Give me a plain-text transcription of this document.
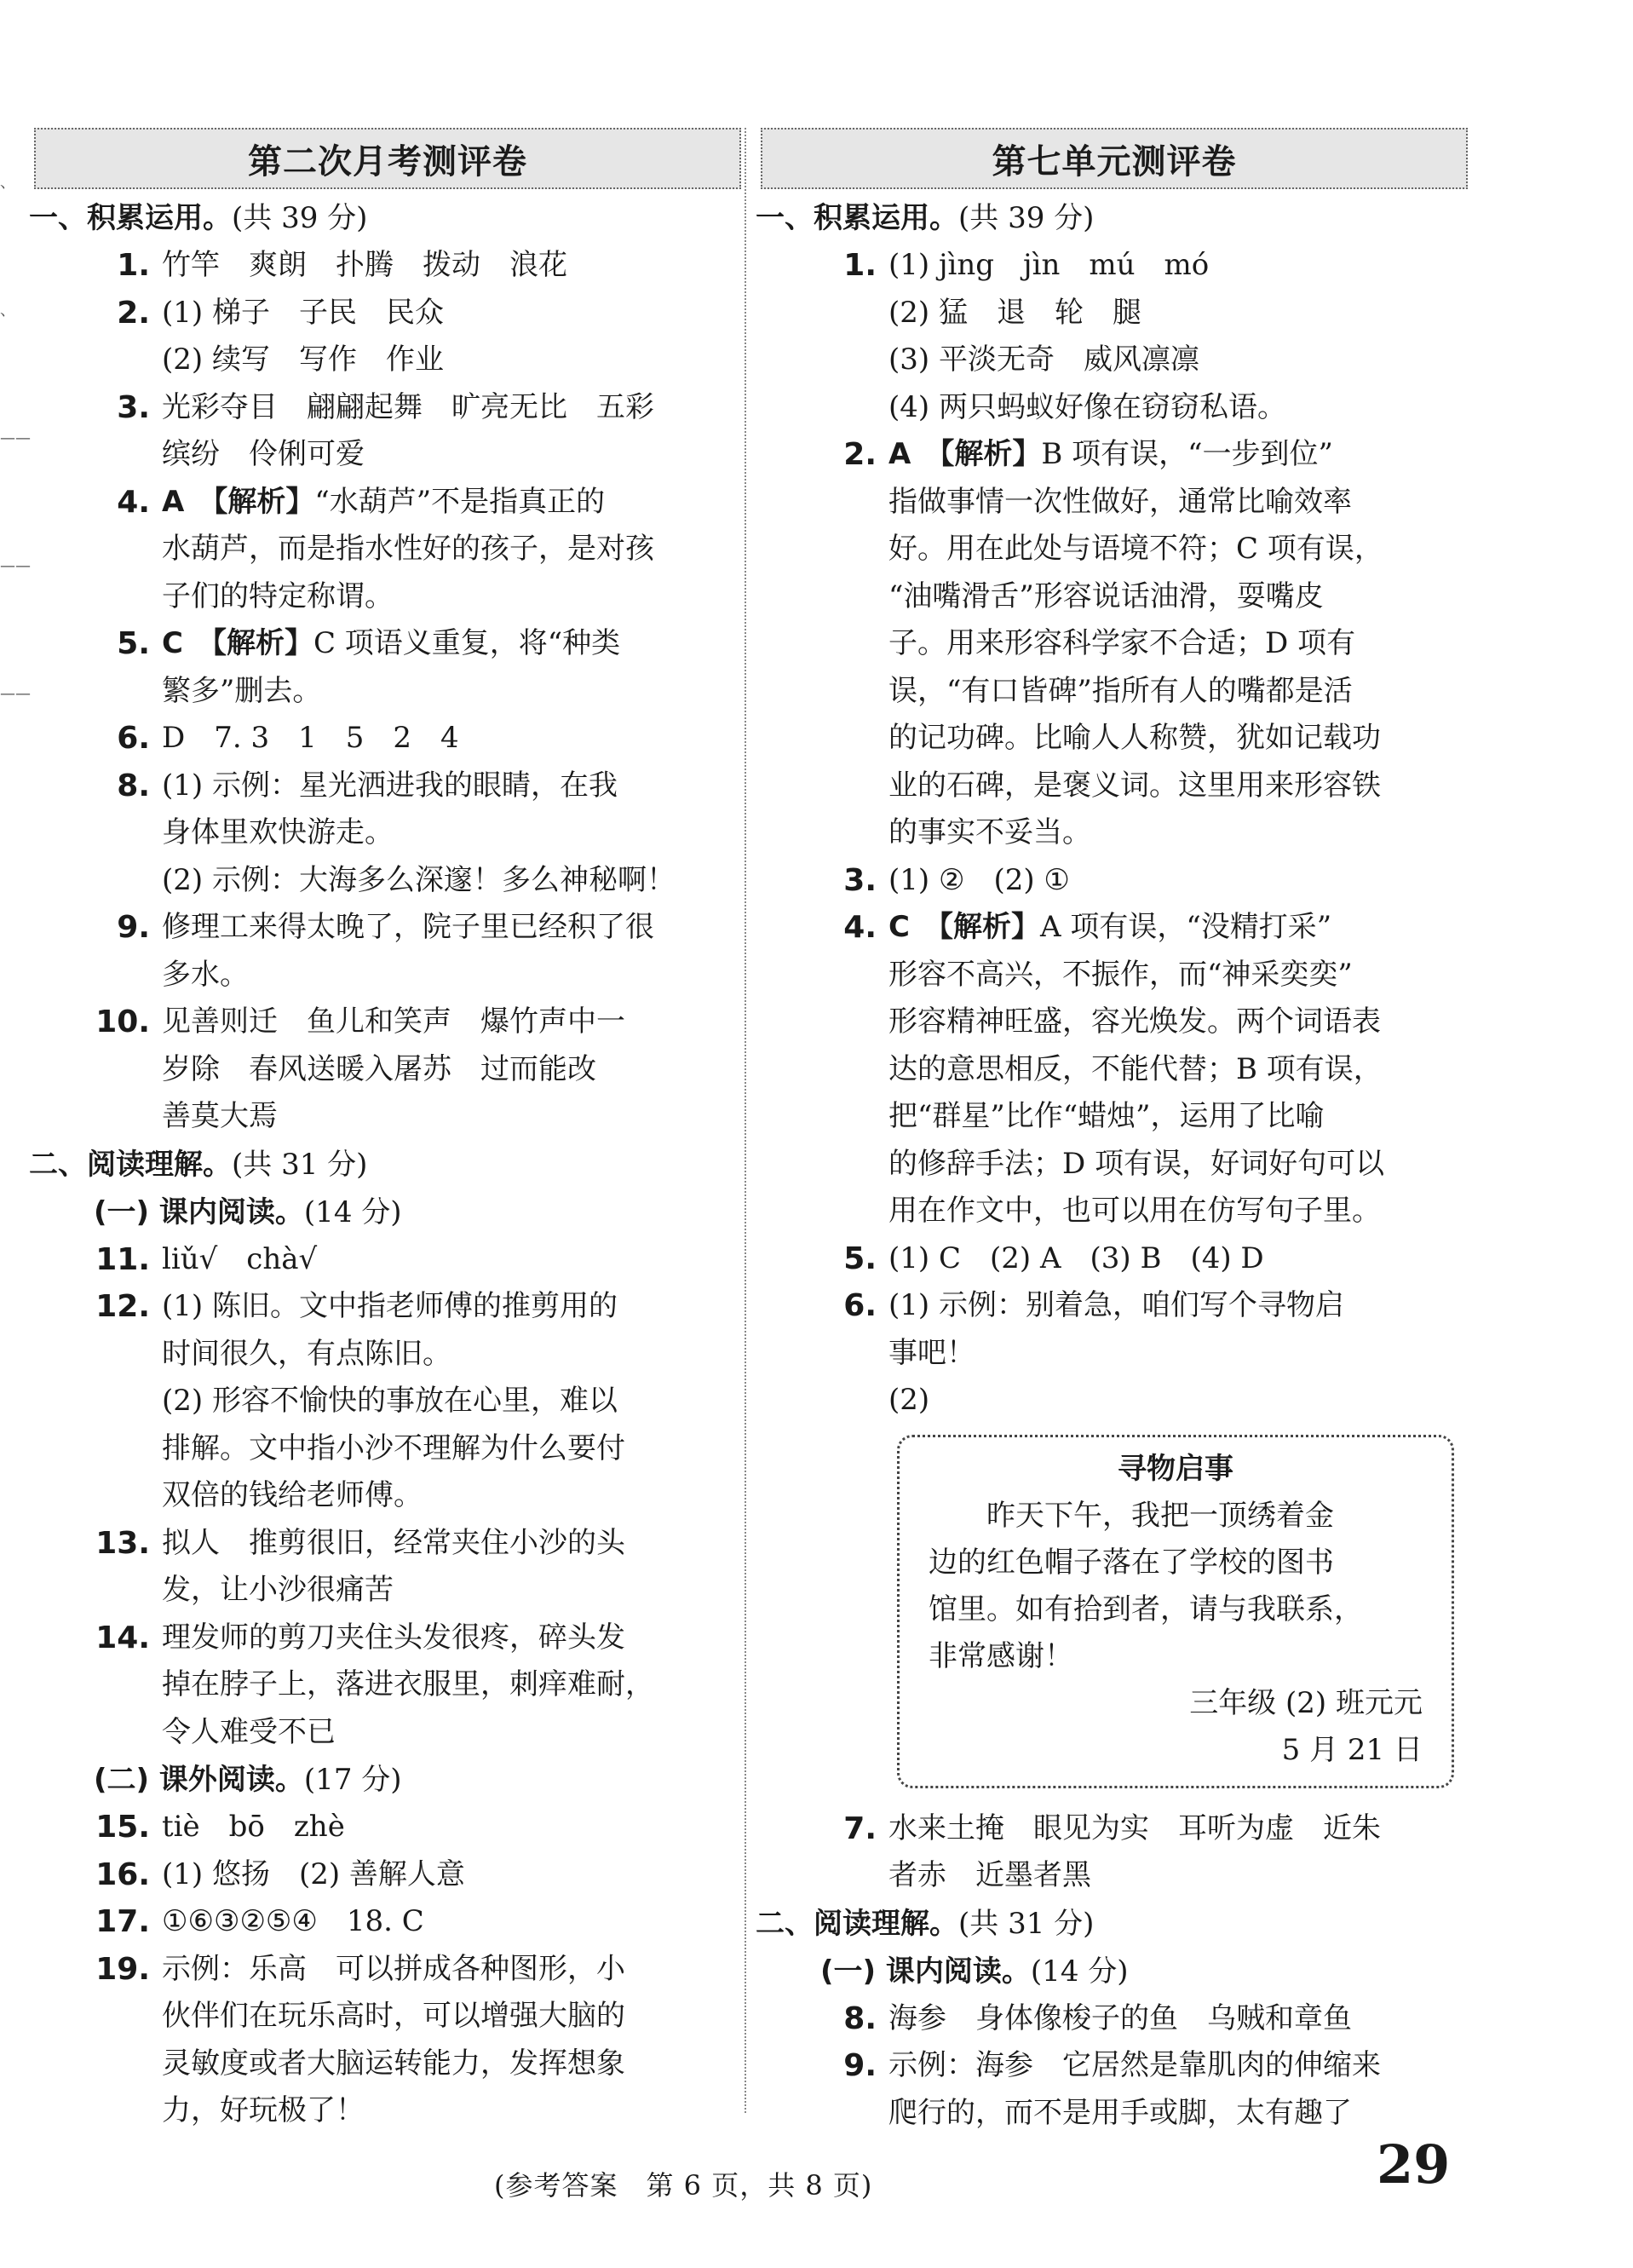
、
、
——
——
——

第二次月考测评卷
一、积累运用。(共 39 分)
1. 竹竿　爽朗　扑腾　拨动　浪花
2. (1) 梯子　子民　民众
(2) 续写　写作　作业
3. 光彩夺目　翩翩起舞　旷亮无比　五彩
缤纷　伶俐可爱
4. A　【解析】“水葫芦”不是指真正的
水葫芦，而是指水性好的孩子，是对孩
子们的特定称谓。
5. C　【解析】C 项语义重复，将“种类
繁多”删去。
6. D　7. 3　1　5　2　4
8. (1) 示例：星光洒进我的眼睛，在我
身体里欢快游走。
(2) 示例：大海多么深邃！多么神秘啊！
9. 修理工来得太晚了，院子里已经积了很
多水。
10. 见善则迁　鱼儿和笑声　爆竹声中一
岁除　春风送暖入屠苏　过而能改
善莫大焉
二、阅读理解。(共 31 分)
(一) 课内阅读。(14 分)
11. liǔ√　chà√
12. (1) 陈旧。文中指老师傅的推剪用的
时间很久，有点陈旧。
(2) 形容不愉快的事放在心里，难以
排解。文中指小沙不理解为什么要付
双倍的钱给老师傅。
13. 拟人　推剪很旧，经常夹住小沙的头
发，让小沙很痛苦
14. 理发师的剪刀夹住头发很疼，碎头发
掉在脖子上，落进衣服里，刺痒难耐，
令人难受不已
(二) 课外阅读。(17 分)
15. tiè　bō　zhè
16. (1) 悠扬　(2) 善解人意
17. ①⑥③②⑤④　18. C
19. 示例：乐高　可以拼成各种图形，小
伙伴们在玩乐高时，可以增强大脑的
灵敏度或者大脑运转能力，发挥想象
力，好玩极了！
第七单元测评卷
一、积累运用。(共 39 分)
1. (1) jìng　jìn　mú　mó
(2) 猛　退　轮　腿
(3) 平淡无奇　威风凛凛
(4) 两只蚂蚁好像在窃窃私语。
2. A　【解析】B 项有误，“一步到位”
指做事情一次性做好，通常比喻效率
好。用在此处与语境不符；C 项有误，
“油嘴滑舌”形容说话油滑，耍嘴皮
子。用来形容科学家不合适；D 项有
误，“有口皆碑”指所有人的嘴都是活
的记功碑。比喻人人称赞，犹如记载功
业的石碑，是褒义词。这里用来形容铁
的事实不妥当。
3. (1) ②　(2) ①
4. C　【解析】A 项有误，“没精打采”
形容不高兴，不振作，而“神采奕奕”
形容精神旺盛，容光焕发。两个词语表
达的意思相反，不能代替；B 项有误，
把“群星”比作“蜡烛”，运用了比喻
的修辞手法；D 项有误，好词好句可以
用在作文中，也可以用在仿写句子里。
5. (1) C　(2) A　(3) B　(4) D
6. (1) 示例：别着急，咱们写个寻物启
事吧！
(2)
寻物启事
　　昨天下午，我把一顶绣着金
边的红色帽子落在了学校的图书
馆里。如有拾到者，请与我联系，
非常感谢！
三年级 (2) 班元元
5 月 21 日
7. 水来土掩　眼见为实　耳听为虚　近朱
者赤　近墨者黑
二、阅读理解。(共 31 分)
(一) 课内阅读。(14 分)
8. 海参　身体像梭子的鱼　乌贼和章鱼
9. 示例：海参　它居然是靠肌肉的伸缩来
爬行的，而不是用手或脚，太有趣了
(参考答案　第 6 页，共 8 页)	29
